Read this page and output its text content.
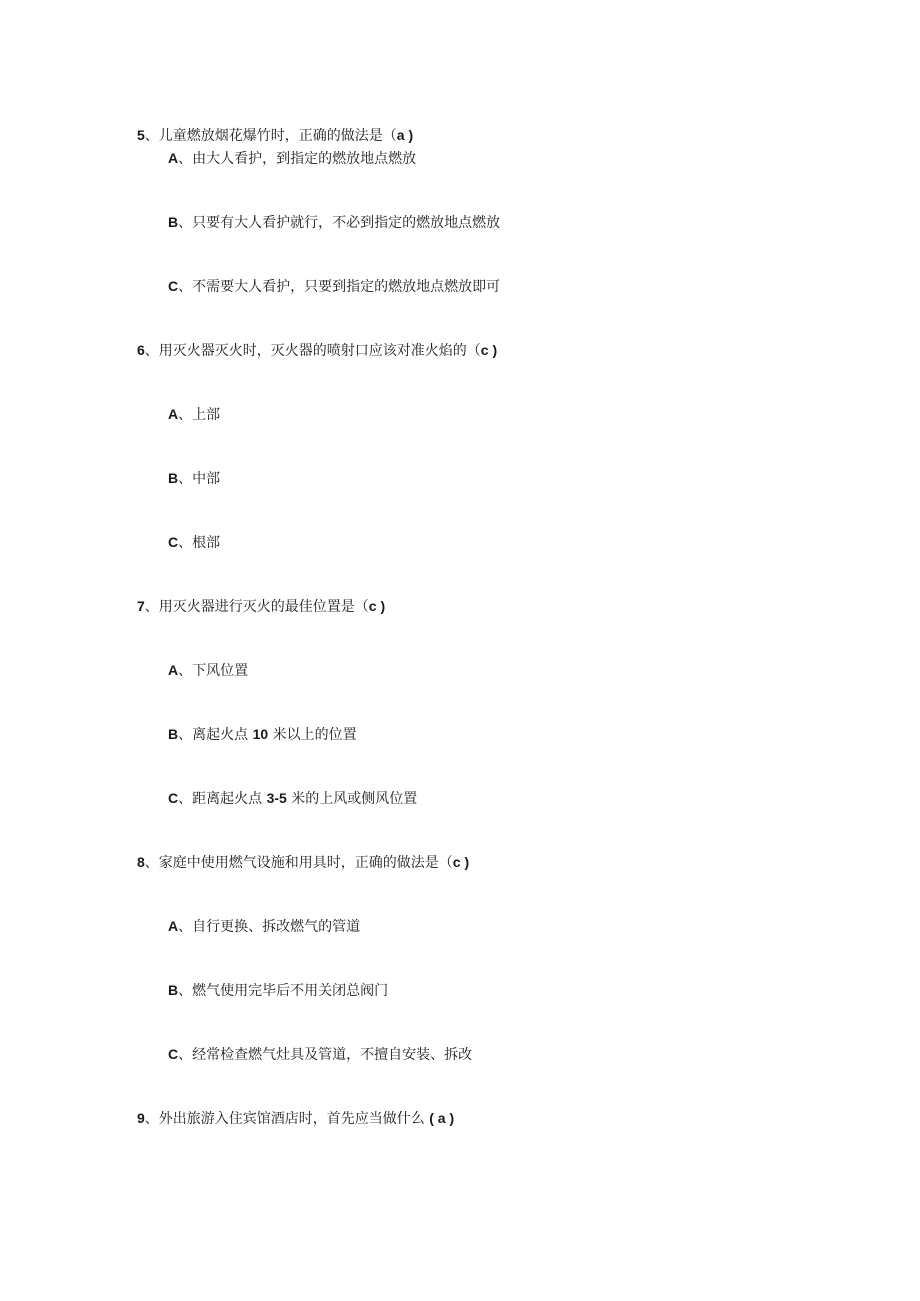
5、儿童燃放烟花爆竹时，正确的做法是（a )
A、由大人看护，到指定的燃放地点燃放
B、只要有大人看护就行，不必到指定的燃放地点燃放
C、不需要大人看护，只要到指定的燃放地点燃放即可
6、用灭火器灭火时，灭火器的喷射口应该对准火焰的（c )
A、上部
B、中部
C、根部
7、用灭火器进行灭火的最佳位置是（c )
A、下风位置
B、离起火点 10 米以上的位置
C、距离起火点 3-5 米的上风或侧风位置
8、家庭中使用燃气设施和用具时，正确的做法是（c )
A、自行更换、拆改燃气的管道
B、燃气使用完毕后不用关闭总阀门
C、经常检查燃气灶具及管道，不擅自安装、拆改
9、外出旅游入住宾馆酒店时，首先应当做什么 ( a )
